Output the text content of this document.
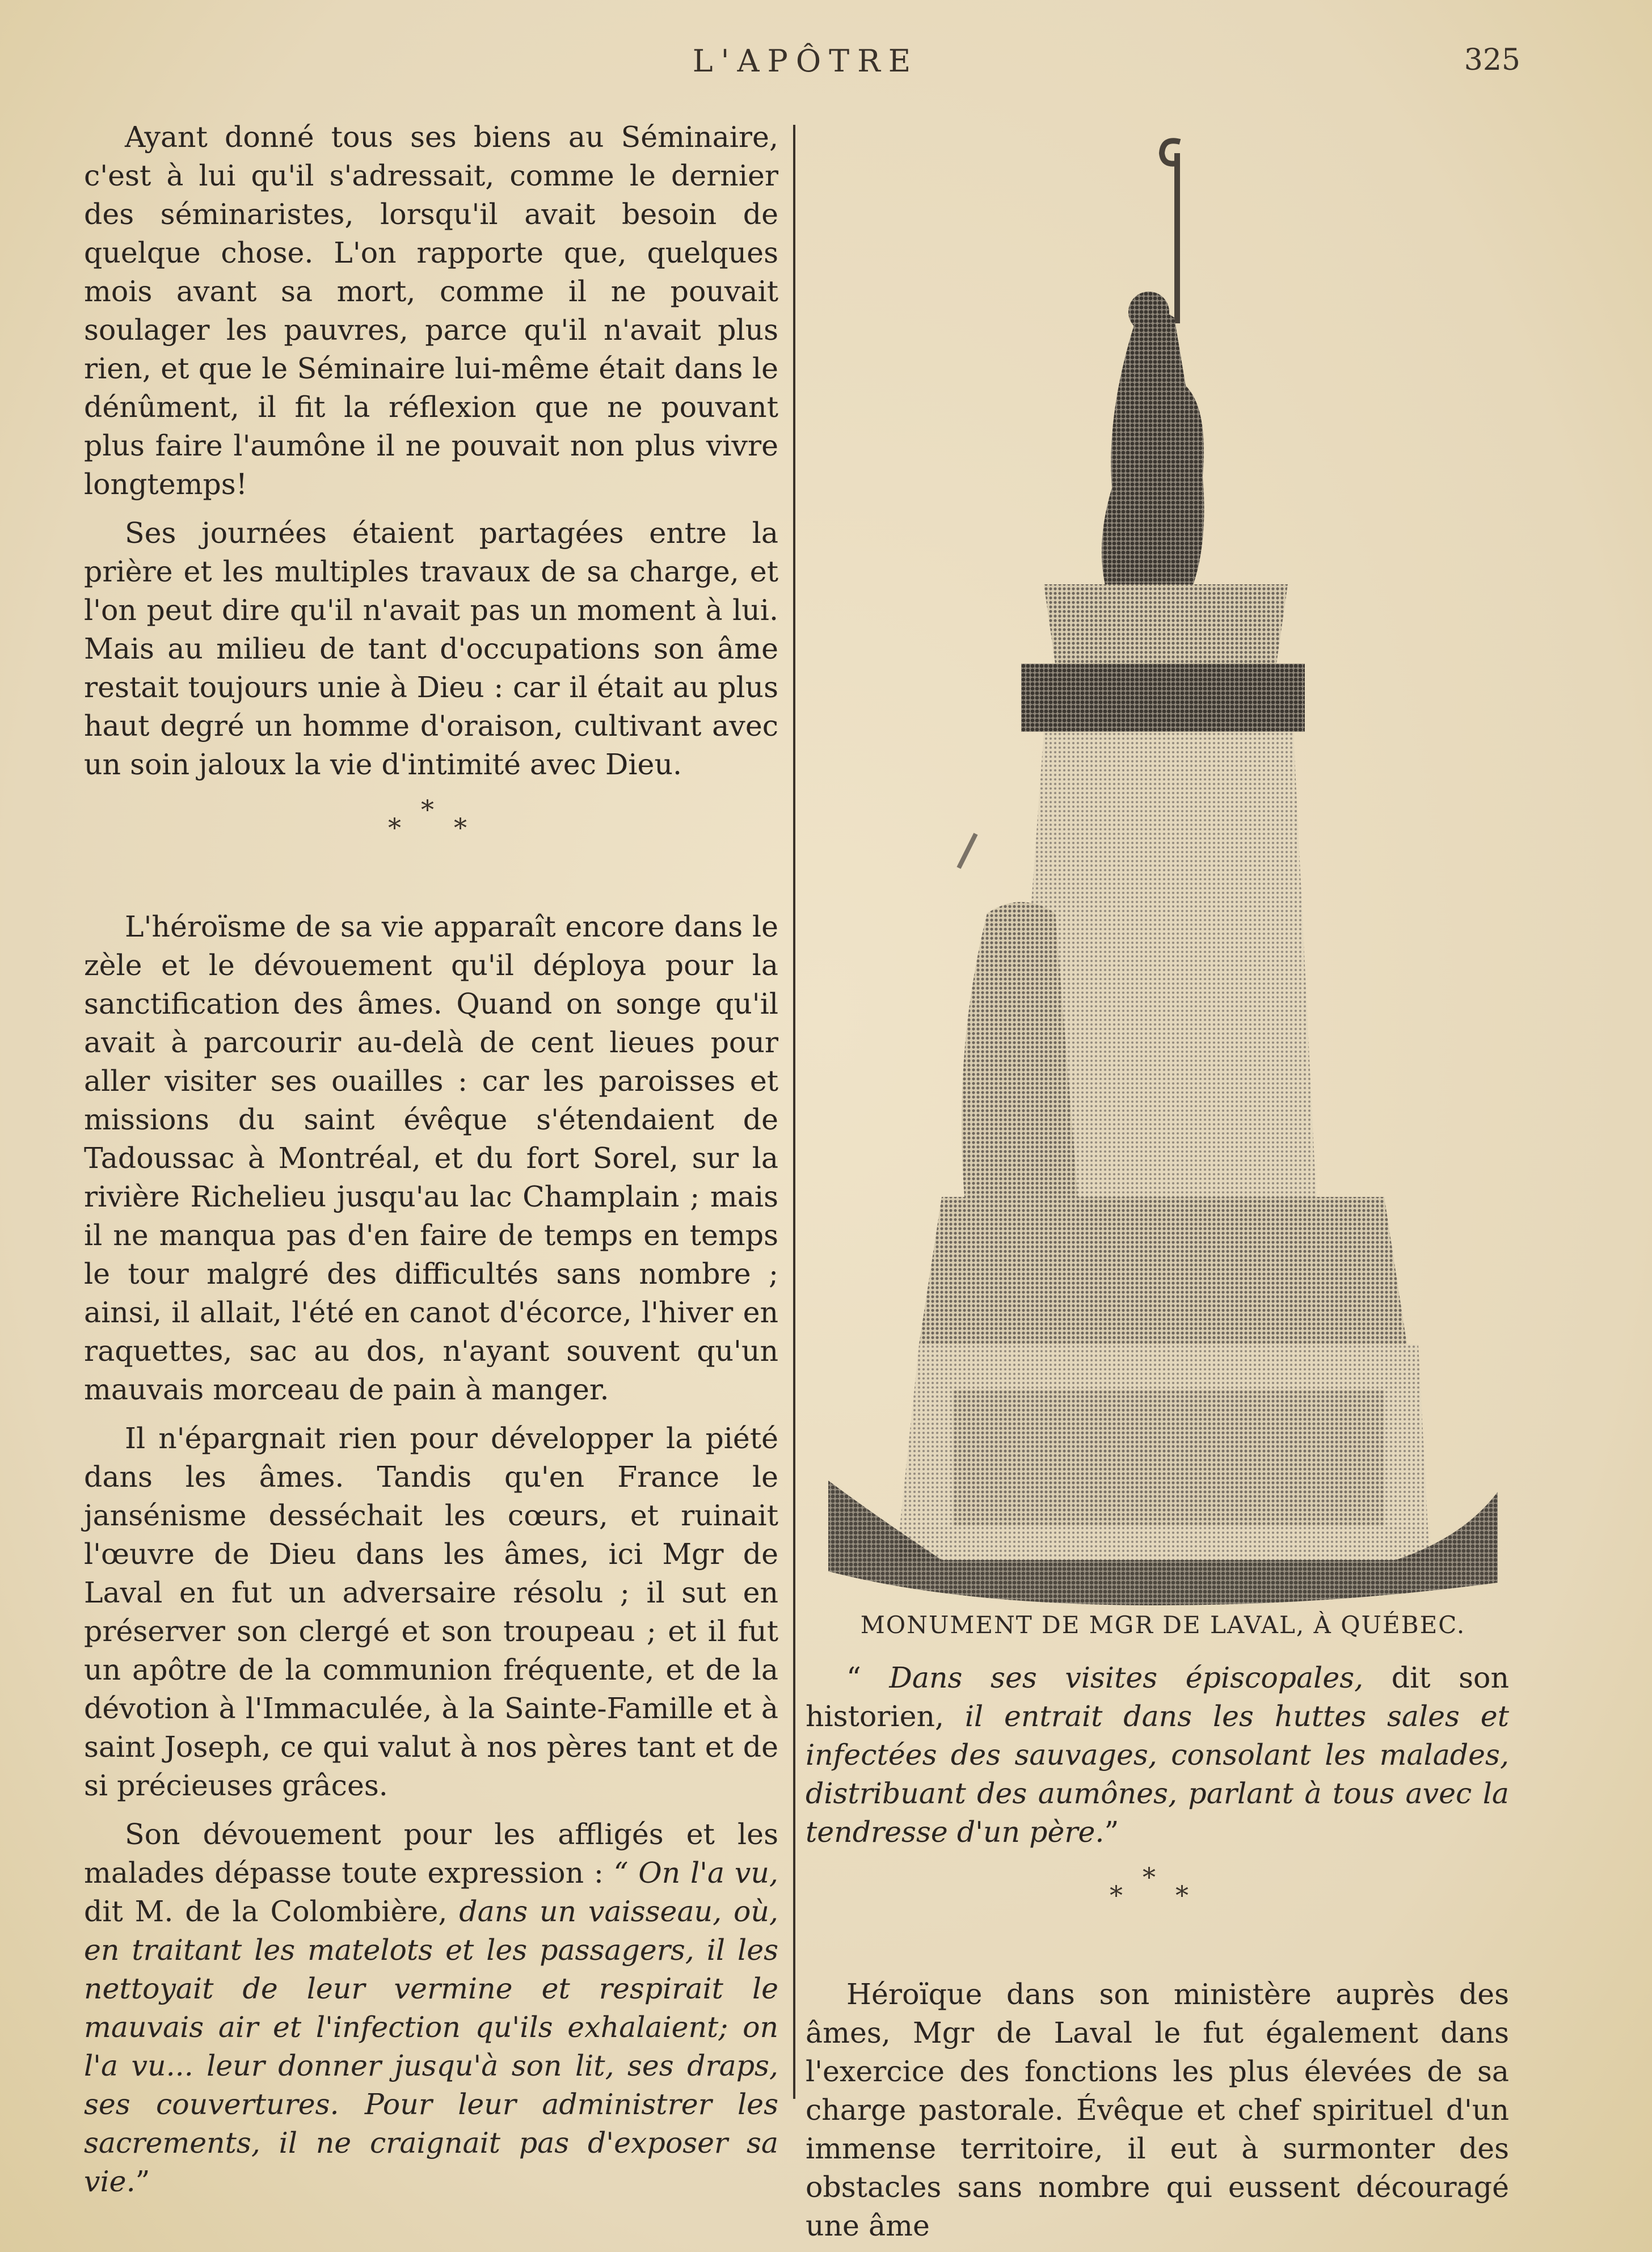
L'APÔTRE	325

Ayant donné tous ses biens au Séminaire, c'est à lui qu'il s'adressait, comme le dernier des séminaristes, lorsqu'il avait besoin de quelque chose. L'on rapporte que, quelques mois avant sa mort, comme il ne pouvait soulager les pauvres, parce qu'il n'avait plus rien, et que le Séminaire lui-même était dans le dénûment, il fit la réflexion que ne pouvant plus faire l'aumône il ne pouvait non plus vivre longtemps!

Ses journées étaient partagées entre la prière et les multiples travaux de sa charge, et l'on peut dire qu'il n'avait pas un moment à lui. Mais au milieu de tant d'occupations son âme restait toujours unie à Dieu : car il était au plus haut degré un homme d'oraison, cultivant avec un soin jaloux la vie d'intimité avec Dieu.

*
*
*

L'héroïsme de sa vie apparaît encore dans le zèle et le dévouement qu'il déploya pour la sanctification des âmes. Quand on songe qu'il avait à parcourir au-delà de cent lieues pour aller visiter ses ouailles : car les paroisses et missions du saint évêque s'étendaient de Tadoussac à Montréal, et du fort Sorel, sur la rivière Richelieu jusqu'au lac Champlain ; mais il ne manqua pas d'en faire de temps en temps le tour malgré des difficultés sans nombre ; ainsi, il allait, l'été en canot d'écorce, l'hiver en raquettes, sac au dos, n'ayant souvent qu'un mauvais morceau de pain à manger.

Il n'épargnait rien pour développer la piété dans les âmes. Tandis qu'en France le jansénisme desséchait les cœurs, et ruinait l'œuvre de Dieu dans les âmes, ici Mgr de Laval en fut un adversaire résolu ; il sut en préserver son clergé et son troupeau ; et il fut un apôtre de la communion fréquente, et de la dévotion à l'Immaculée, à la Sainte-Famille et à saint Joseph, ce qui valut à nos pères tant et de si précieuses grâces.

Son dévouement pour les affligés et les malades dépasse toute expression : “ On l'a vu, dit M. de la Colombière, dans un vaisseau, où, en traitant les matelots et les passagers, il les nettoyait de leur vermine et respirait le mauvais air et l'infection qu'ils exhalaient; on l'a vu... leur donner jusqu'à son lit, ses draps, ses couvertures. Pour leur administrer les sacrements, il ne craignait pas d'exposer sa vie.”

MONUMENT DE MGR DE LAVAL, À QUÉBEC.

“ Dans ses visites épiscopales, dit son historien, il entrait dans les huttes sales et infectées des sauvages, consolant les malades, distribuant des aumônes, parlant à tous avec la tendresse d'un père.”

*
*
*

Héroïque dans son ministère auprès des âmes, Mgr de Laval le fut également dans l'exercice des fonctions les plus élevées de sa charge pastorale. Évêque et chef spirituel d'un immense territoire, il eut à surmonter des obstacles sans nombre qui eussent découragé une âme
